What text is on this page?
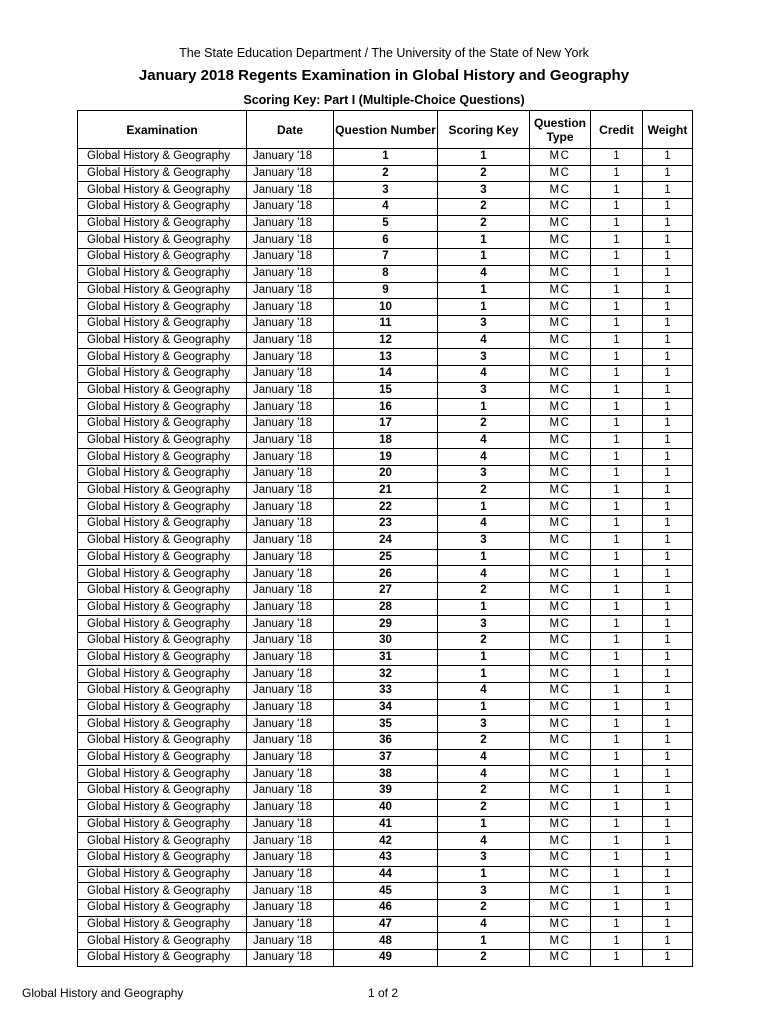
The State Education Department / The University of the State of New York
January 2018 Regents Examination in Global History and Geography
Scoring Key: Part I (Multiple-Choice Questions)
Examination	Date	Question Number	Scoring Key	Question Type	Credit	Weight
Global History & Geography	January '18	1	1	MC	1	1
Global History & Geography	January '18	2	2	MC	1	1
Global History & Geography	January '18	3	3	MC	1	1
Global History & Geography	January '18	4	2	MC	1	1
Global History & Geography	January '18	5	2	MC	1	1
Global History & Geography	January '18	6	1	MC	1	1
Global History & Geography	January '18	7	1	MC	1	1
Global History & Geography	January '18	8	4	MC	1	1
Global History & Geography	January '18	9	1	MC	1	1
Global History & Geography	January '18	10	1	MC	1	1
Global History & Geography	January '18	11	3	MC	1	1
Global History & Geography	January '18	12	4	MC	1	1
Global History & Geography	January '18	13	3	MC	1	1
Global History & Geography	January '18	14	4	MC	1	1
Global History & Geography	January '18	15	3	MC	1	1
Global History & Geography	January '18	16	1	MC	1	1
Global History & Geography	January '18	17	2	MC	1	1
Global History & Geography	January '18	18	4	MC	1	1
Global History & Geography	January '18	19	4	MC	1	1
Global History & Geography	January '18	20	3	MC	1	1
Global History & Geography	January '18	21	2	MC	1	1
Global History & Geography	January '18	22	1	MC	1	1
Global History & Geography	January '18	23	4	MC	1	1
Global History & Geography	January '18	24	3	MC	1	1
Global History & Geography	January '18	25	1	MC	1	1
Global History & Geography	January '18	26	4	MC	1	1
Global History & Geography	January '18	27	2	MC	1	1
Global History & Geography	January '18	28	1	MC	1	1
Global History & Geography	January '18	29	3	MC	1	1
Global History & Geography	January '18	30	2	MC	1	1
Global History & Geography	January '18	31	1	MC	1	1
Global History & Geography	January '18	32	1	MC	1	1
Global History & Geography	January '18	33	4	MC	1	1
Global History & Geography	January '18	34	1	MC	1	1
Global History & Geography	January '18	35	3	MC	1	1
Global History & Geography	January '18	36	2	MC	1	1
Global History & Geography	January '18	37	4	MC	1	1
Global History & Geography	January '18	38	4	MC	1	1
Global History & Geography	January '18	39	2	MC	1	1
Global History & Geography	January '18	40	2	MC	1	1
Global History & Geography	January '18	41	1	MC	1	1
Global History & Geography	January '18	42	4	MC	1	1
Global History & Geography	January '18	43	3	MC	1	1
Global History & Geography	January '18	44	1	MC	1	1
Global History & Geography	January '18	45	3	MC	1	1
Global History & Geography	January '18	46	2	MC	1	1
Global History & Geography	January '18	47	4	MC	1	1
Global History & Geography	January '18	48	1	MC	1	1
Global History & Geography	January '18	49	2	MC	1	1
Global History and Geography	1 of 2
